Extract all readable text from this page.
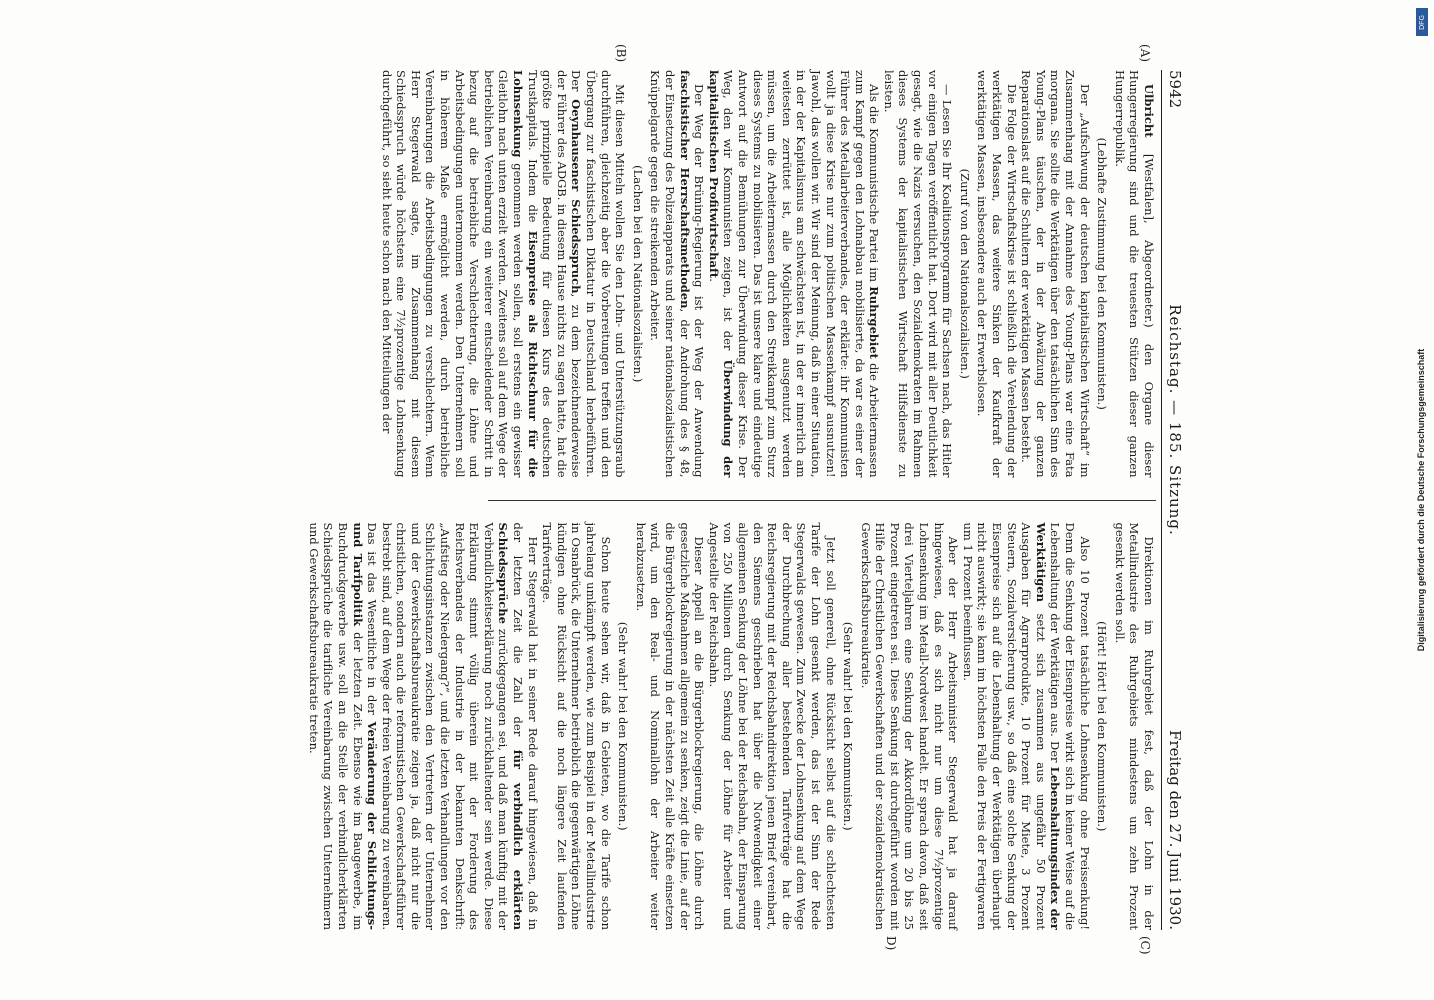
5942
Reichstag. — 185. Sitzung.
Freitag den 27. Juni 1930.

Ulbricht [Westfalen], Abgeordneter.) den Organe dieser Hungerregierung sind und die treuesten Stützen dieser ganzen Hungerrepublik.

(Lebhafte Zustimmung bei den Kommunisten.)

Der „Aufschwung der deutschen kapitalistischen Wirtschaft“ im Zusammenhang mit der Annahme des Young-Plans war eine Fata morgana. Sie sollte die Werktätigen über den tatsächlichen Sinn des Young-Plans täuschen, der in der Abwälzung der ganzen Reparationslast auf die Schultern der werktätigen Massen besteht.

Die Folge der Wirtschaftskrise ist schließlich die Verelendung der werktätigen Massen, das weitere Sinken der Kaufkraft der werktätigen Massen, insbesondere auch der Erwerbslosen.

(Zuruf von den Nationalsozialisten.)

— Lesen Sie Ihr Koalitionsprogramm für Sachsen nach, das Hitler vor einigen Tagen veröffentlicht hat. Dort wird mit aller Deutlichkeit gesagt, wie die Nazis versuchen, den Sozialdemokraten im Rahmen dieses Systems der kapitalistischen Wirtschaft Hilfsdienste zu leisten.

Als die Kommunistische Partei im Ruhrgebiet die Arbeitermassen zum Kampf gegen den Lohnabbau mobilisierte, da war es einer der Führer des Metallarbeiterverbandes, der erklärte: ihr Kommunisten wollt ja diese Krise nur zum politischen Massenkampf ausnutzen! Jawohl, das wollen wir. Wir sind der Meinung, daß in einer Situation, in der der Kapitalismus am schwächsten ist, in der er innerlich am weitesten zerrüttet ist, alle Möglichkeiten ausgenutzt werden müssen, um die Arbeitermassen durch den Streikkampf zum Sturz dieses Systems zu mobilisieren. Das ist unsere klare und eindeutige Antwort auf die Bemühungen zur Überwindung dieser Krise. Der Weg, den wir Kommunisten zeigen, ist der Überwindung der kapitalistischen Profitwirtschaft.

Der Weg der Brüning-Regierung ist der Weg der Anwendung faschistischer Herrschaftsmethoden, der Androhung des § 48, der Einsetzung des Polizeiapparats und seiner nationalsozialistischen Knüppelgarde gegen die streikenden Arbeiter.

(Lachen bei den Nationalsozialisten.)

Mit diesen Mitteln wollen Sie den Lohn- und Unterstützungsraub durchführen, gleichzeitig aber die Vorbereitungen treffen und den Übergang zur faschistischen Diktatur in Deutschland herbeiführen. Der Oeynhausener Schiedsspruch, zu dem bezeichnenderweise der Führer des ADGB. in diesem Hause nichts zu sagen hatte, hat die größte prinzipielle Bedeutung für diesen Kurs des deutschen Trustkapitals. Indem die Eisenpreise als Richtschnur für die Lohnsenkung genommen werden sollen, soll erstens ein gewisser Gleitlohn nach unten erzielt werden. Zweitens soll auf dem Wege der betrieblichen Vereinbarung ein weiterer entscheidender Schritt in bezug auf die betriebliche Verschlechterung, die Löhne und Arbeitsbedingungen unternommen werden. Den Unternehmern soll in höherem Maße ermöglicht werden, durch betriebliche Vereinbarungen die Arbeitsbedingungen zu verschlechtern. Wenn Herr Stegerwald sagte, im Zusammenhang mit diesem Schiedsspruch würde höchstens eine 7½prozentige Lohnsenkung durchgeführt, so sieht heute schon nach den Mitteilungen der

Direktionen im Ruhrgebiet fest, daß der Lohn in der Metallindustrie des Ruhrgebiets mindestens um zehn Prozent gesenkt werden soll.

(Hört! Hört! bei den Kommunisten.)

Also 10 Prozent tatsächliche Lohnsenkung ohne Preissenkung! Denn die Senkung der Eisenpreise wirkt sich in keiner Weise auf die Lebenshaltung der Werktätigen aus. Der Lebenshaltungsindex der Werktätigen setzt sich zusammen aus ungefähr 50 Prozent Ausgaben für Agrarprodukte, 10 Prozent für Miete, 3 Prozent Steuern, Sozialversicherung usw., so daß eine solche Senkung der Eisenpreise sich auf die Lebenshaltung der Werktätigen überhaupt nicht auswirkt; sie kann im höchsten Falle den Preis der Fertigwaren um 1 Prozent beeinflussen.

Aber der Herr Arbeitsminister Stegerwald hat ja darauf hingewiesen, daß es sich nicht nur um diese 7½prozentige Lohnsenkung im Metall-Nordwest handelt. Er sprach davon, daß seit drei Vierteljahren eine Senkung der Akkordlöhne um 20 bis 25 Prozent eingetreten sei. Diese Senkung ist durchgeführt worden mit Hilfe der Christlichen Gewerkschaften und der sozialdemokratischen Gewerkschaftsbureaukratie.

(Sehr wahr! bei den Kommunisten.)

Jetzt soll generell, ohne Rücksicht selbst auf die schlechtesten Tarife der Lohn gesenkt werden, das ist der Sinn der Rede Stegerwalds gewesen. Zum Zwecke der Lohnsenkung auf dem Wege der Durchbrechung aller bestehenden Tarifverträge hat die Reichsregierung mit der Reichsbahndirektion jenen Brief vereinbart, den Siemens geschrieben hat über die Notwendigkeit einer allgemeinen Senkung der Löhne bei der Reichsbahn, der Einsparung von 250 Millionen durch Senkung der Löhne für Arbeiter und Angestellte der Reichsbahn.

Dieser Appell an die Bürgerblockregierung, die Löhne durch gesetzliche Maßnahmen allgemein zu senken, zeigt die Linie, auf der die Bürgerblockregierung in der nächsten Zeit alle Kräfte einsetzen wird, um den Real- und Nominallohn der Arbeiter weiter herabzusetzen.

(Sehr wahr! bei den Kommunisten.)

Schon heute sehen wir, daß in Gebieten, wo die Tarife schon jahrelang umkämpft werden, wie zum Beispiel in der Metallindustrie in Osnabrück, die Unternehmer betrieblich die gegenwärtigen Löhne kündigen ohne Rücksicht auf die noch längere Zeit laufenden Tarifverträge.

Herr Stegerwald hat in seiner Rede darauf hingewiesen, daß in der letzten Zeit die Zahl der für verbindlich erklärten Schiedssprüche zurückgegangen sei, und daß man künftig mit der Verbindlichkeitserklärung noch zurückhaltender sein werde. Diese Erklärung stimmt völlig überein mit der Forderung des Reichsverbandes der Industrie in der bekannten Denkschrift: „Aufstieg oder Niedergang?“, und die letzten Verhandlungen vor den Schlichtungsinstanzen zwischen den Vertretern der Unternehmer und der Gewerkschaftsbureaukratie zeigen ja, daß nicht nur die christlichen, sondern auch die reformistischen Gewerkschaftsführer bestrebt sind, auf dem Wege der freien Vereinbarung zu vereinbaren. Das ist das Wesentliche in der Veränderung der Schlichtungs- und Tarifpolitik der letzten Zeit. Ebenso wie im Baugewerbe, im Buchdruckgewerbe usw. soll an die Stelle der verbindlicherklärten Schiedssprüche die tarifliche Vereinbarung zwischen Unternehmern und Gewerkschaftsbureaukratie treten.

(A)
(B)
(C)
D)
DFG
Digitalisierung gefördert durch die Deutsche Forschungsgemeinschaft
